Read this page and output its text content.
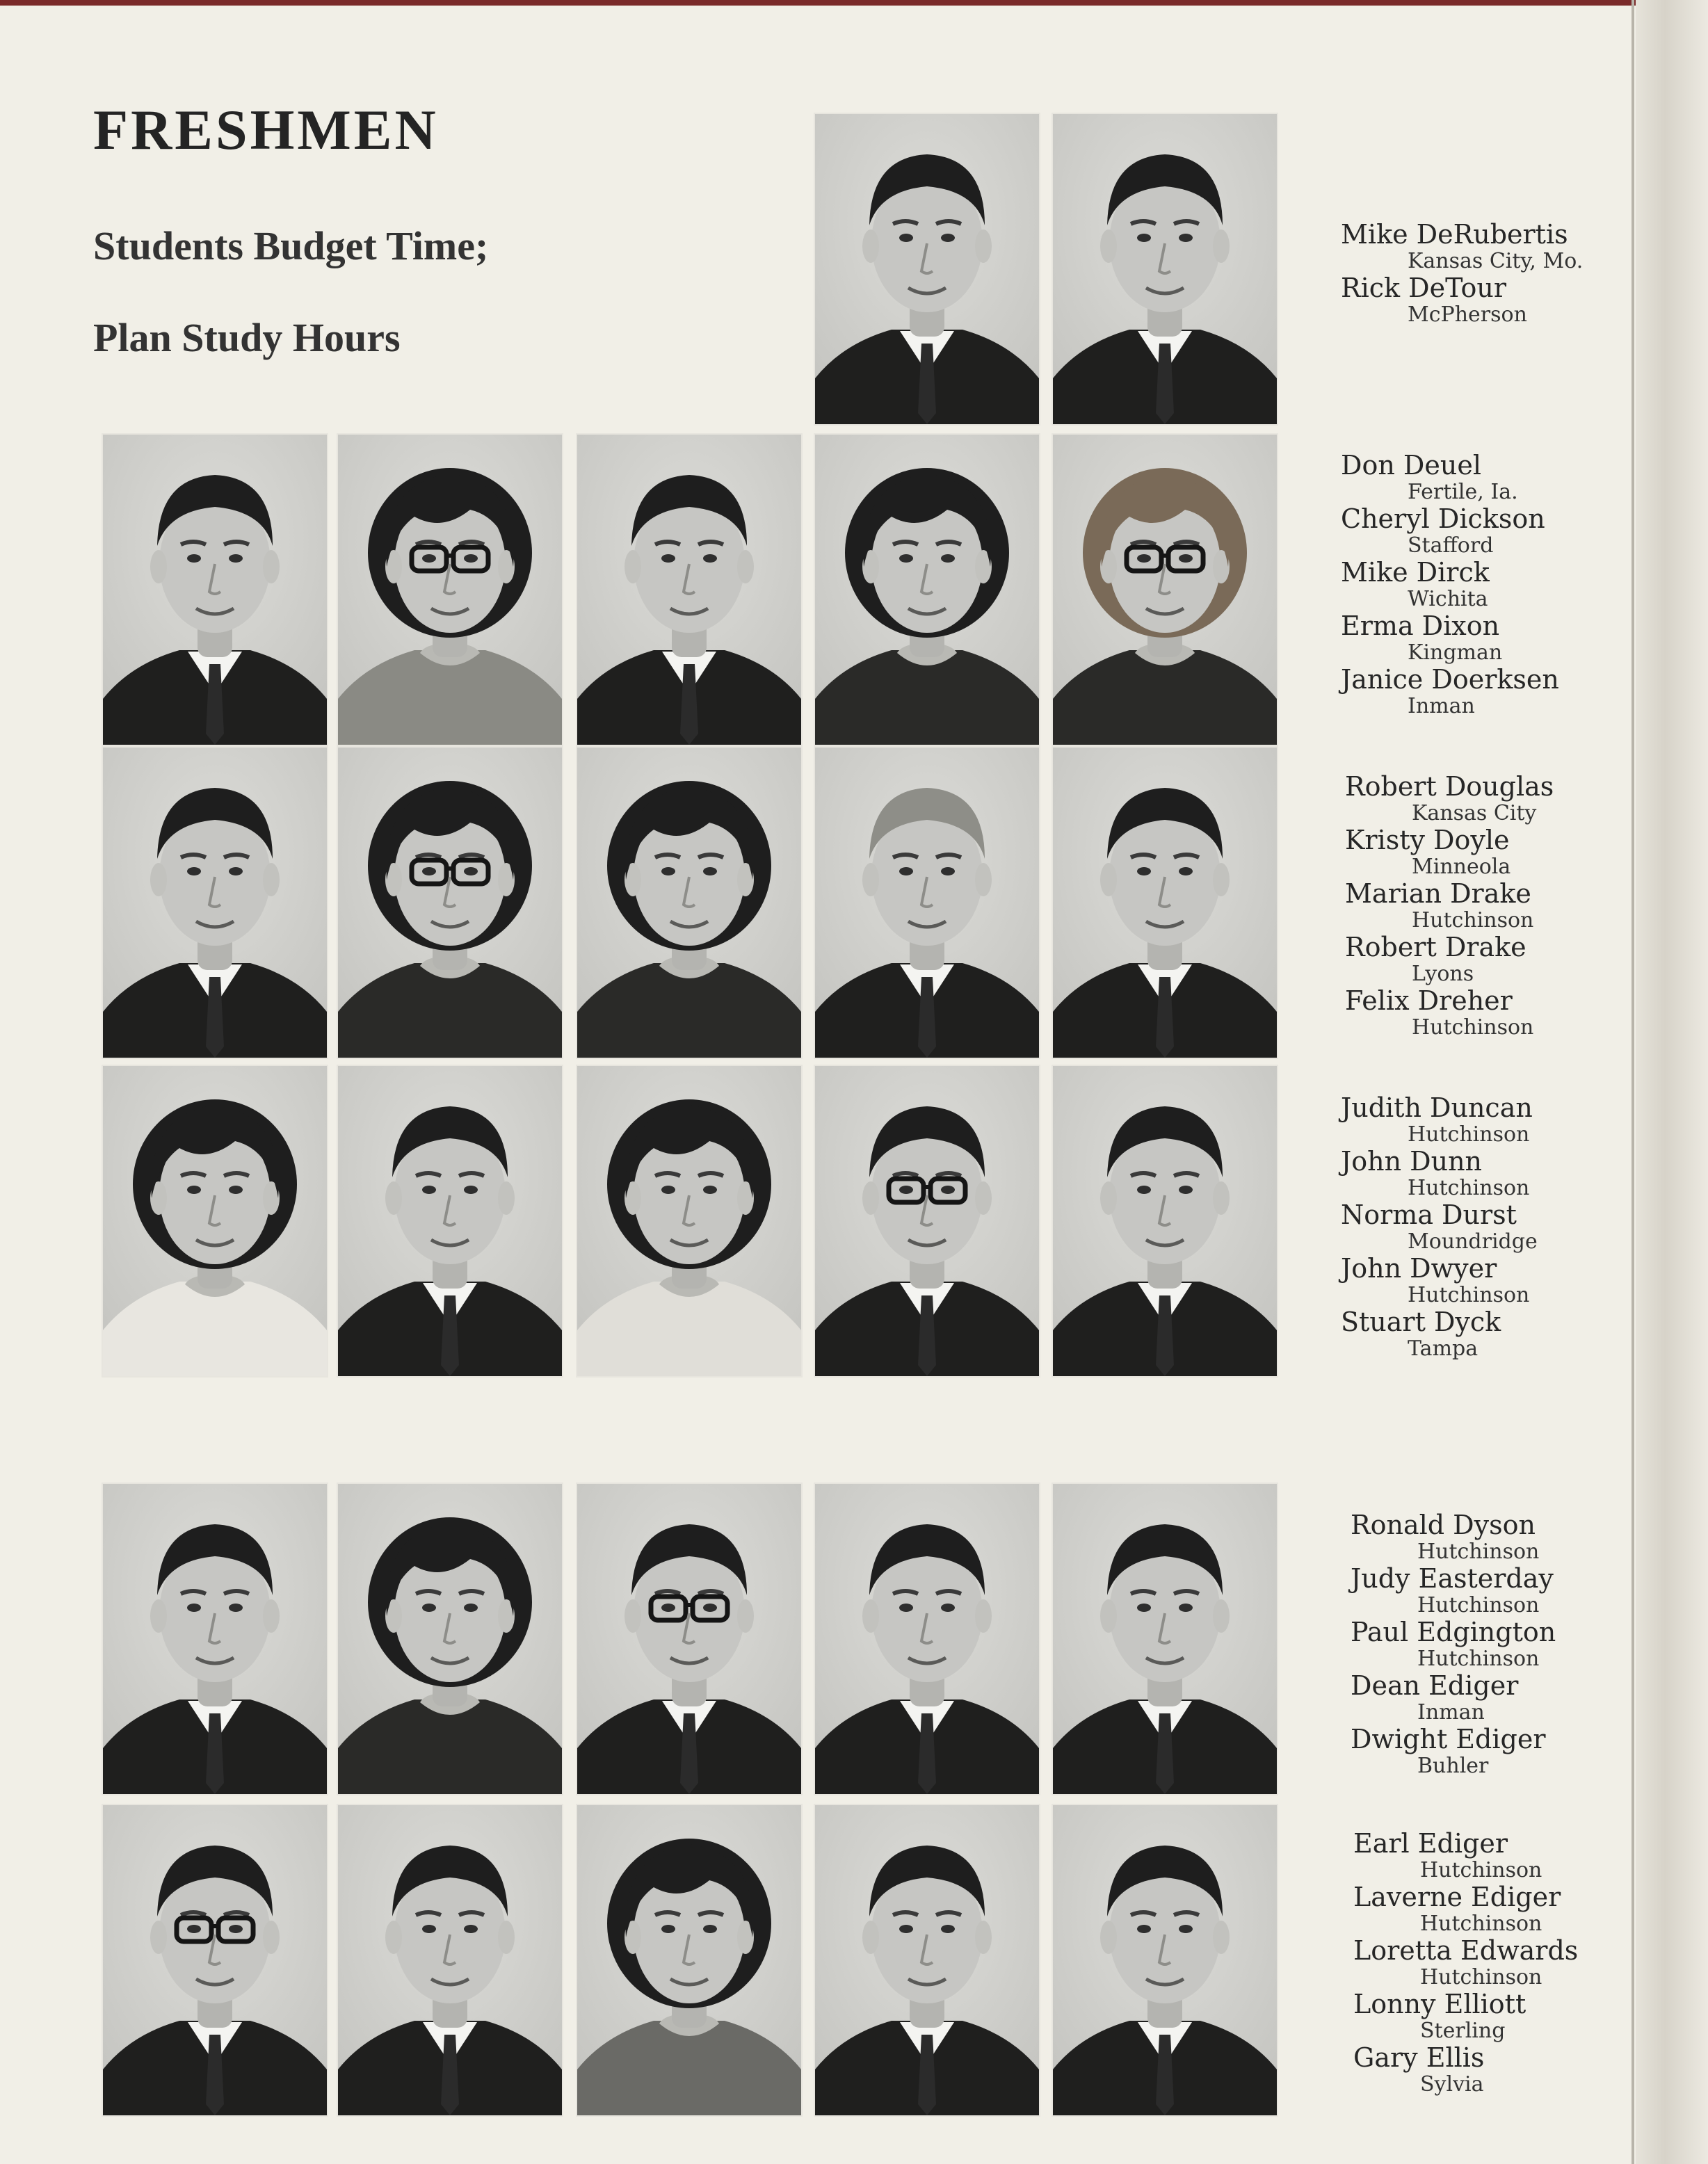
FRESHMEN
Students Budget Time;
Plan Study Hours
Mike DeRubertis
Kansas City, Mo.
Rick DeTour
McPherson
Don Deuel
Fertile, Ia.
Cheryl Dickson
Stafford
Mike Dirck
Wichita
Erma Dixon
Kingman
Janice Doerksen
Inman
Robert Douglas
Kansas City
Kristy Doyle
Minneola
Marian Drake
Hutchinson
Robert Drake
Lyons
Felix Dreher
Hutchinson
Judith Duncan
Hutchinson
John Dunn
Hutchinson
Norma Durst
Moundridge
John Dwyer
Hutchinson
Stuart Dyck
Tampa
Ronald Dyson
Hutchinson
Judy Easterday
Hutchinson
Paul Edgington
Hutchinson
Dean Ediger
Inman
Dwight Ediger
Buhler
Earl Ediger
Hutchinson
Laverne Ediger
Hutchinson
Loretta Edwards
Hutchinson
Lonny Elliott
Sterling
Gary Ellis
Sylvia
